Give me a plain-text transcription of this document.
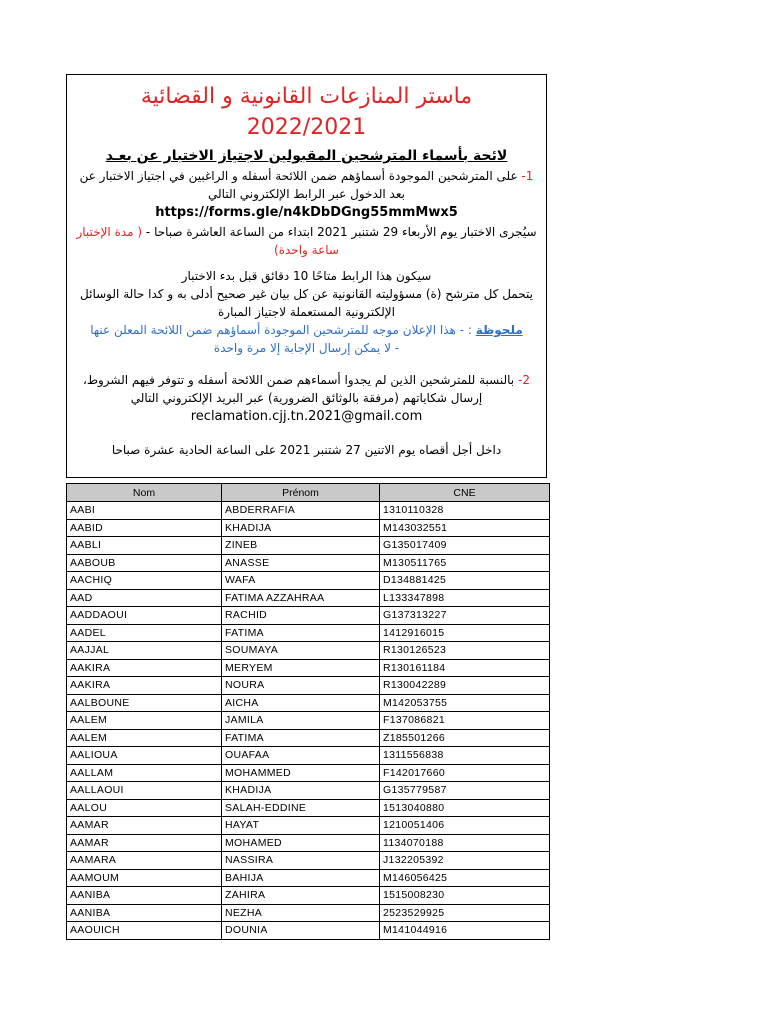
ماستر المنازعات القانونية و القضائية
2022/2021
لائحة بأسماء المترشحين المقبولين لاجتياز الاختبار عن بعـد
1- على المترشحين الموجودة أسماؤهم ضمن اللائحة أسفله و الراغبين في اجتياز الاختبار عن
بعد الدخول عبر الرابط الإلكتروني التالي
https://forms.gle/n4kDbDGng55mmMwx5
سيُجرى الاختبار يوم الأربعاء 29 شتنبر 2021 ابتداء من الساعة العاشرة صباحا - ( مدة الإختبار
ساعة واحدة)
سيكون هذا الرابط متاحًا 10 دقائق قبل بدء الاختبار
يتحمل كل مترشح (ة) مسؤوليته القانونية عن كل بيان غير صحيح أدلى به و كدا حالة الوسائل
الإلكترونية المستعملة لاجتياز المبارة
ملحوظة : - هذا الإعلان موجه للمترشحين الموجودة أسماؤهم ضمن اللائحة المعلن عنها
- لا يمكن إرسال الإجابة إلا مرة واحدة
2- بالنسبة للمترشحين الذين لم يجدوا أسماءهم ضمن اللائحة أسفله و تتوفر فيهم الشروط،
إرسال شكاياتهم (مرفقة بالوثائق الضرورية) عبر البريد الإلكتروني التالي
reclamation.cjj.tn.2021@gmail.com
داخل أجل أقصاه يوم الاتنين 27 شتنبر 2021 على الساعة الحادية عشرة صباحا
Nom	Prénom	CNE
AABI	ABDERRAFIA	1310110328
AABID	KHADIJA	M143032551
AABLI	ZINEB	G135017409
AABOUB	ANASSE	M130511765
AACHIQ	WAFA	D134881425
AAD	FATIMA AZZAHRAA	L133347898
AADDAOUI	RACHID	G137313227
AADEL	FATIMA	1412916015
AAJJAL	SOUMAYA	R130126523
AAKIRA	MERYEM	R130161184
AAKIRA	NOURA	R130042289
AALBOUNE	AICHA	M142053755
AALEM	JAMILA	F137086821
AALEM	FATIMA	Z185501266
AALIOUA	OUAFAA	1311556838
AALLAM	MOHAMMED	F142017660
AALLAOUI	KHADIJA	G135779587
AALOU	SALAH-EDDINE	1513040880
AAMAR	HAYAT	1210051406
AAMAR	MOHAMED	1134070188
AAMARA	NASSIRA	J132205392
AAMOUM	BAHIJA	M146056425
AANIBA	ZAHIRA	1515008230
AANIBA	NEZHA	2523529925
AAOUICH	DOUNIA	M141044916
